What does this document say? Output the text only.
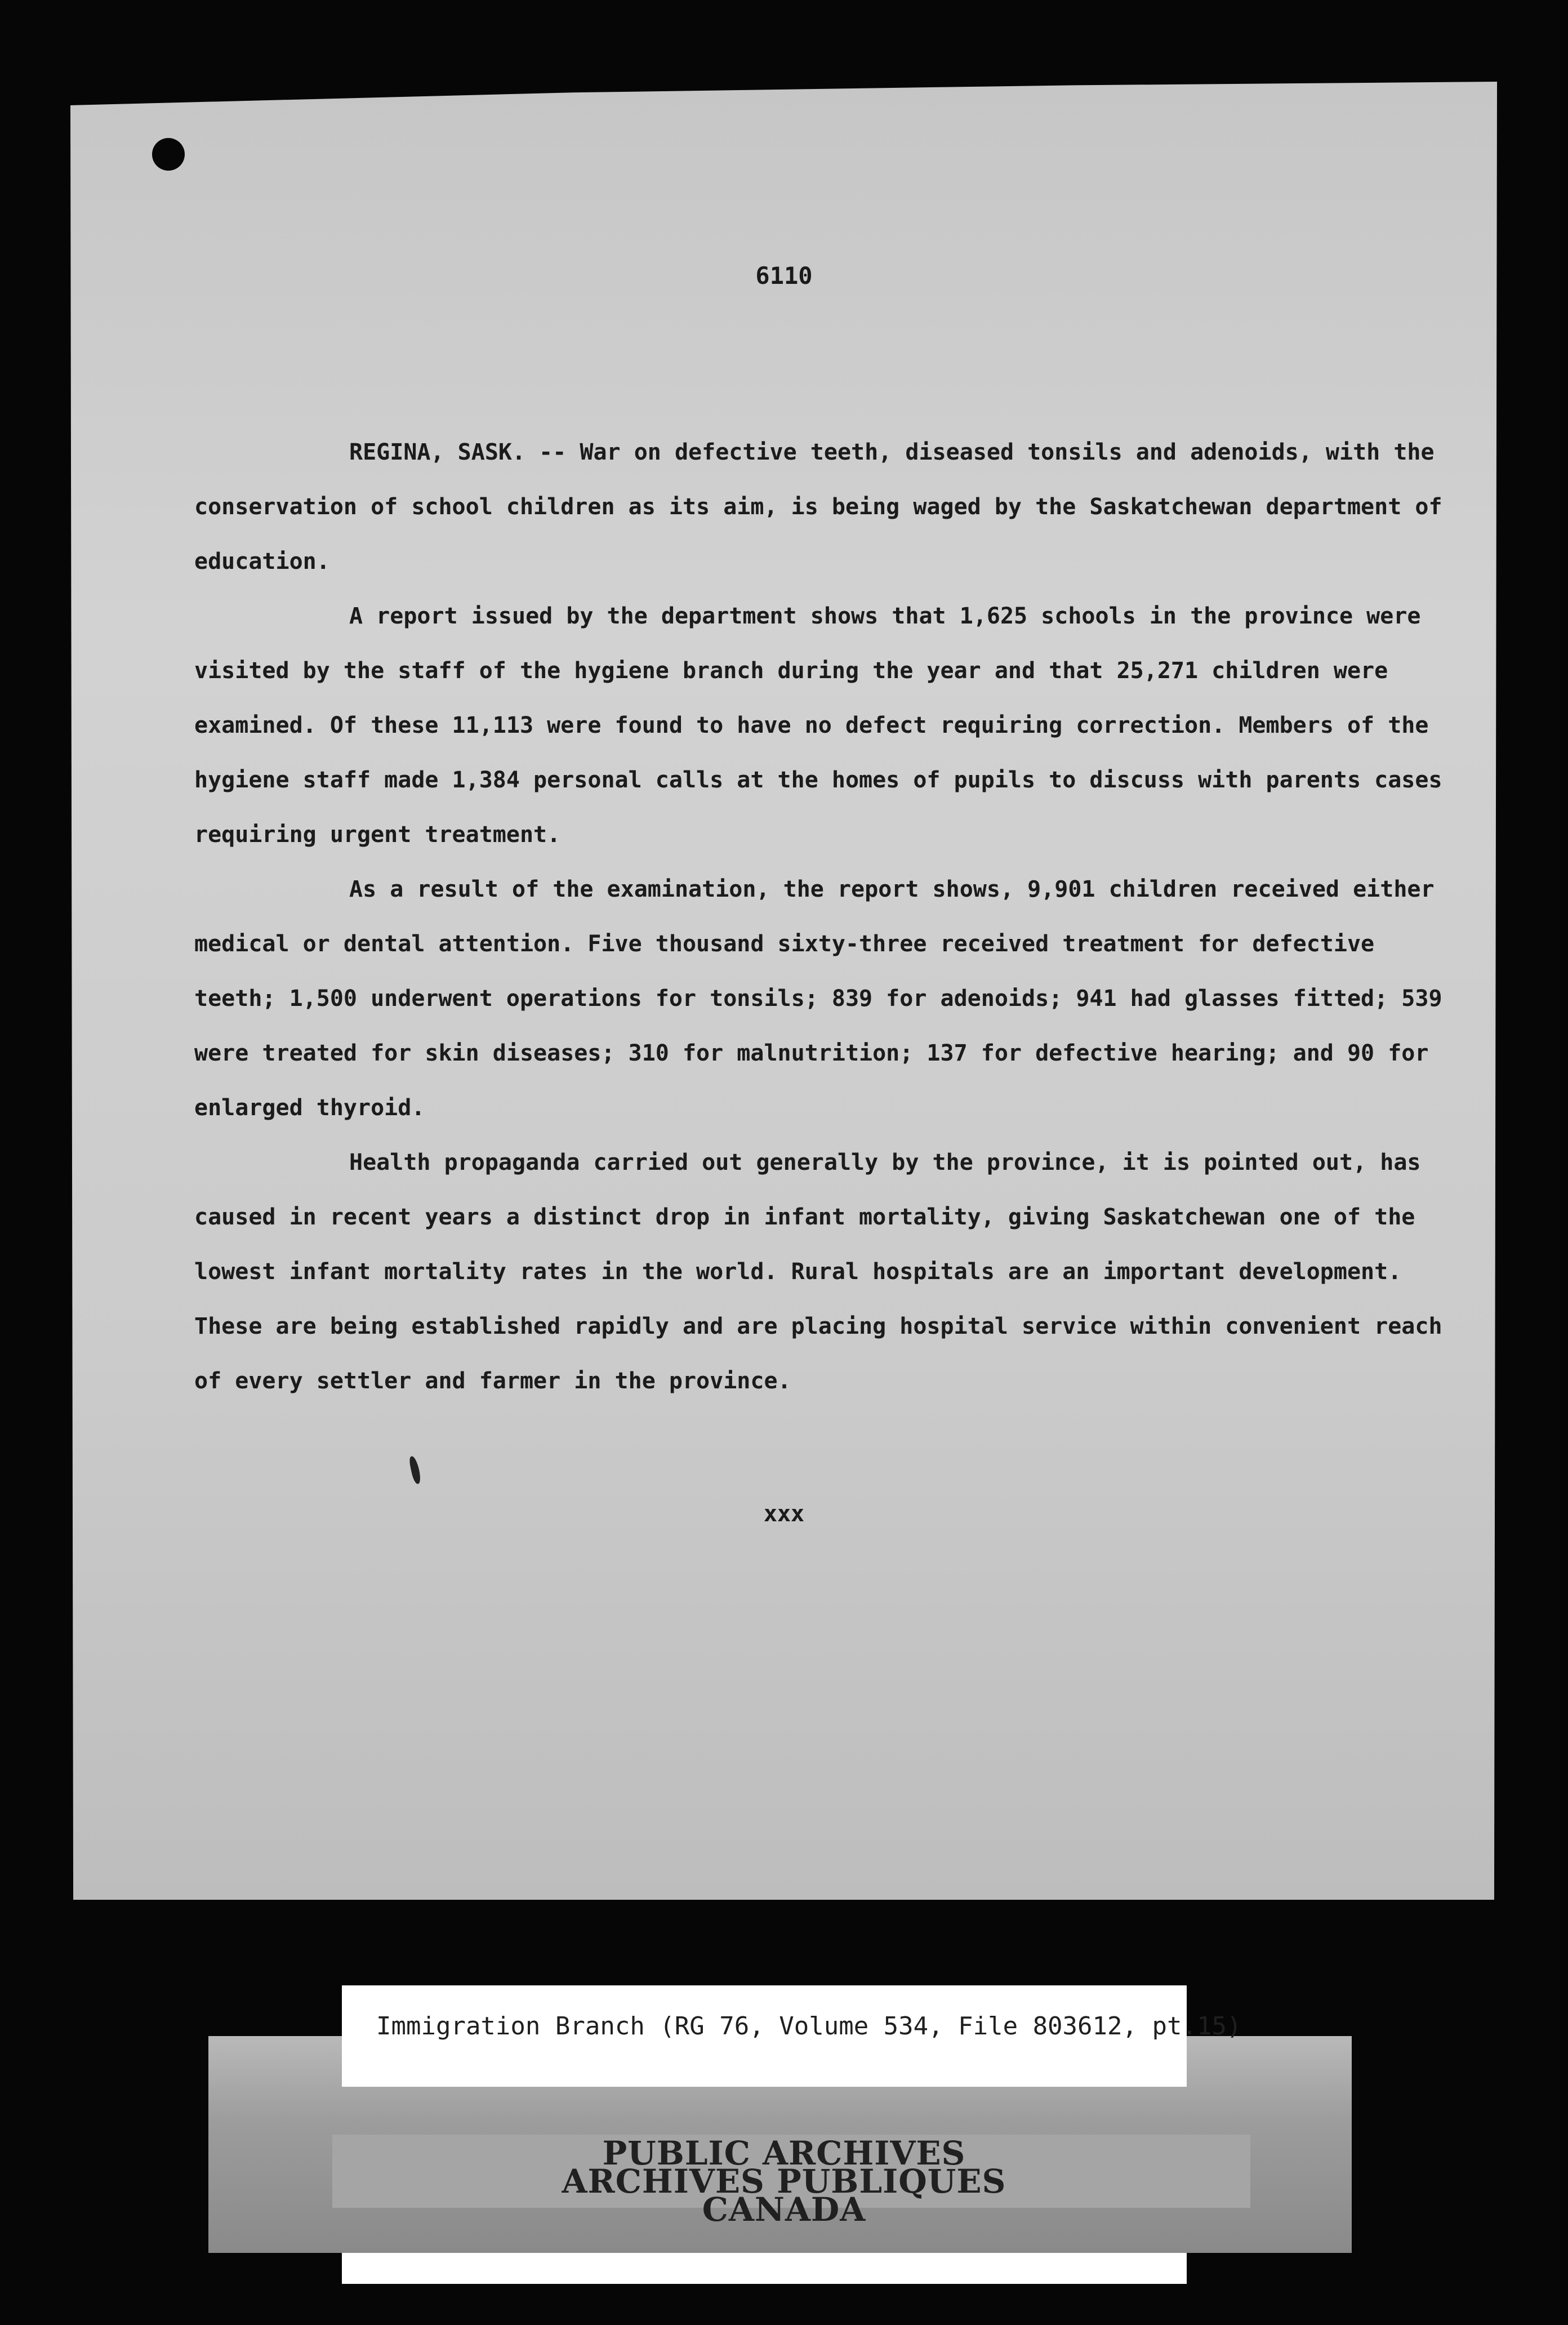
6110

REGINA, SASK. -- War on defective teeth, diseased tonsils and adenoids, with the conservation of school children as its aim, is being waged by the Saskatchewan department of education.

A report issued by the department shows that 1,625 schools in the province were visited by the staff of the hygiene branch during the year and that 25,271 children were examined. Of these 11,113 were found to have no defect requiring correction. Members of the hygiene staff made 1,384 personal calls at the homes of pupils to discuss with parents cases requiring urgent treatment.

As a result of the examination, the report shows, 9,901 children received either medical or dental attention. Five thousand sixty-three received treatment for defective teeth; 1,500 underwent operations for tonsils; 839 for adenoids; 941 had glasses fitted; 539 were treated for skin diseases; 310 for malnutrition; 137 for defective hearing; and 90 for enlarged thyroid.

Health propaganda carried out generally by the province, it is pointed out, has caused in recent years a distinct drop in infant mortality, giving Saskatchewan one of the lowest infant mortality rates in the world. Rural hospitals are an important development. These are being established rapidly and are placing hospital service within convenient reach of every settler and farmer in the province.

xxx
Immigration Branch (RG 76, Volume 534, File 803612, pt.15)
PUBLIC ARCHIVES
ARCHIVES PUBLIQUES
CANADA
